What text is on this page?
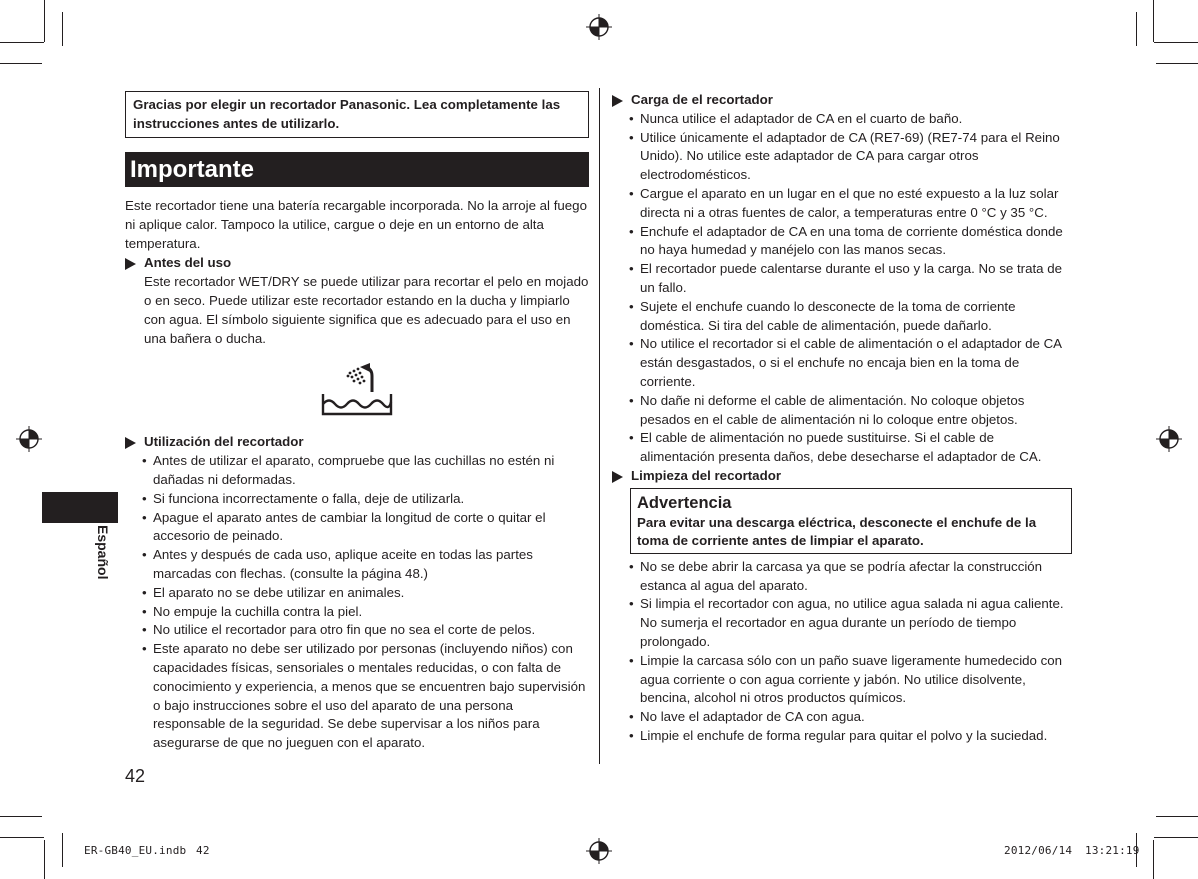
Español
Gracias por elegir un recortador Panasonic. Lea completamente las instrucciones antes de utilizarlo.
Importante
Este recortador tiene una batería recargable incorporada. No la arroje al fuego ni aplique calor. Tampoco la utilice, cargue o deje en un entorno de alta temperatura.
Antes del uso
Este recortador WET/DRY se puede utilizar para recortar el pelo en mojado o en seco. Puede utilizar este recortador estando en la ducha y limpiarlo con agua. El símbolo siguiente significa que es adecuado para el uso en una bañera o ducha.
Utilización del recortador
• Antes de utilizar el aparato, compruebe que las cuchillas no estén ni dañadas ni deformadas.
• Si funciona incorrectamente o falla, deje de utilizarla.
• Apague el aparato antes de cambiar la longitud de corte o quitar el accesorio de peinado.
• Antes y después de cada uso, aplique aceite en todas las partes marcadas con flechas. (consulte la página 48.)
• El aparato no se debe utilizar en animales.
• No empuje la cuchilla contra la piel.
• No utilice el recortador para otro fin que no sea el corte de pelos.
• Este aparato no debe ser utilizado por personas (incluyendo niños) con capacidades físicas, sensoriales o mentales reducidas, o con falta de conocimiento y experiencia, a menos que se encuentren bajo supervisión o bajo instrucciones sobre el uso del aparato de una persona responsable de la seguridad. Se debe supervisar a los niños para asegurarse de que no jueguen con el aparato.
Carga de el recortador
• Nunca utilice el adaptador de CA en el cuarto de baño.
• Utilice únicamente el adaptador de CA (RE7-69) (RE7-74 para el Reino Unido). No utilice este adaptador de CA para cargar otros electrodomésticos.
• Cargue el aparato en un lugar en el que no esté expuesto a la luz solar directa ni a otras fuentes de calor, a temperaturas entre 0 °C y 35 °C.
• Enchufe el adaptador de CA en una toma de corriente doméstica donde no haya humedad y manéjelo con las manos secas.
• El recortador puede calentarse durante el uso y la carga. No se trata de un fallo.
• Sujete el enchufe cuando lo desconecte de la toma de corriente doméstica. Si tira del cable de alimentación, puede dañarlo.
• No utilice el recortador si el cable de alimentación o el adaptador de CA están desgastados, o si el enchufe no encaja bien en la toma de corriente.
• No dañe ni deforme el cable de alimentación. No coloque objetos pesados en el cable de alimentación ni lo coloque entre objetos.
• El cable de alimentación no puede sustituirse. Si el cable de alimentación presenta daños, debe desecharse el adaptador de CA.
Limpieza del recortador
Advertencia
Para evitar una descarga eléctrica, desconecte el enchufe de la toma de corriente antes de limpiar el aparato.
• No se debe abrir la carcasa ya que se podría afectar la construcción estanca al agua del aparato.
• Si limpia el recortador con agua, no utilice agua salada ni agua caliente. No sumerja el recortador en agua durante un período de tiempo prolongado.
• Limpie la carcasa sólo con un paño suave ligeramente humedecido con agua corriente o con agua corriente y jabón. No utilice disolvente, bencina, alcohol ni otros productos químicos.
• No lave el adaptador de CA con agua.
• Limpie el enchufe de forma regular para quitar el polvo y la suciedad.
42
ER-GB40_EU.indb 42	2012/06/14 13:21:19
